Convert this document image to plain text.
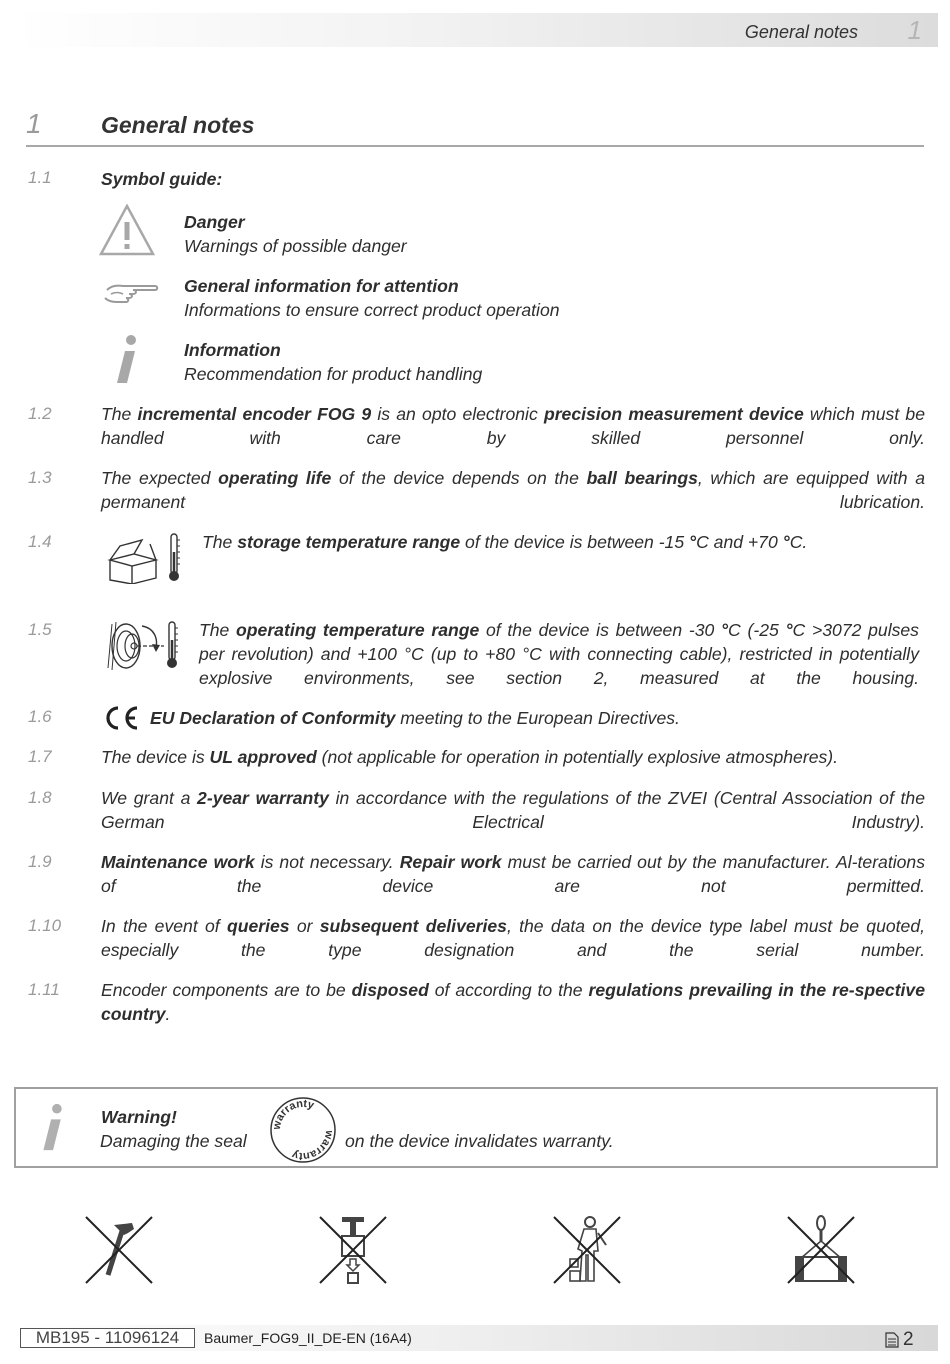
General notes 1
1	General notes
1.1	Symbol guide:
Danger
Warnings of possible danger
General information for attention
Informations to ensure correct product operation
Information
Recommendation for product handling
1.2	The incremental encoder FOG 9 is an opto electronic precision measurement device which must be handled with care by skilled personnel only.
1.3	The expected operating life of the device depends on the ball bearings, which are equipped with a permanent lubrication.
1.4	The storage temperature range of the device is between -15 °C and +70 °C.
1.5	The operating temperature range of the device is between -30 °C (-25 °C >3072 pulses per revolution) and +100 °C (up to +80 °C with connecting cable), restricted in potentially explosive environments, see section 2, measured at the housing.
1.6	EU Declaration of Conformity meeting to the European Directives.
1.7	The device is UL approved (not applicable for operation in potentially explosive atmospheres).
1.8	We grant a 2-year warranty in accordance with the regulations of the ZVEI (Central Association of the German Electrical Industry).
1.9	Maintenance work is not necessary. Repair work must be carried out by the manufacturer. Al-terations of the device are not permitted.
1.10 In the event of queries or subsequent deliveries, the data on the device type label must be quoted, especially the type designation and the serial number.
1.11 Encoder components are to be disposed of according to the regulations prevailing in the re-spective country.
Warning!
Damaging the seal
warranty
warranty
on the device invalidates warranty.
MB195 - 11096124	Baumer_FOG9_II_DE-EN (16A4)	2
